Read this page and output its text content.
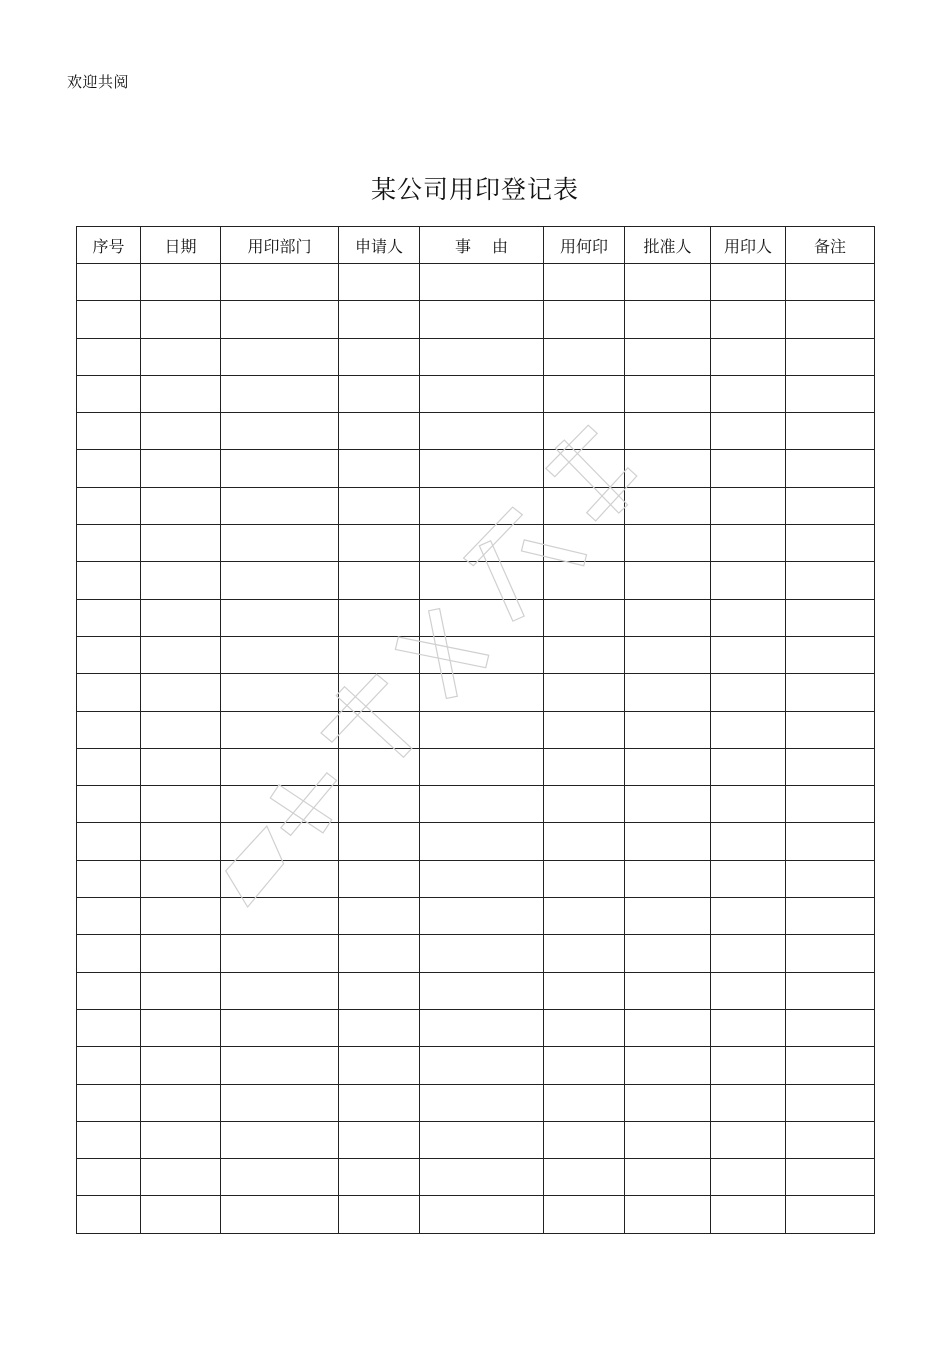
欢迎共阅
某公司用印登记表
序号	日期	用印部门	申请人	事　 由	用何印	批准人	用印人	备注
